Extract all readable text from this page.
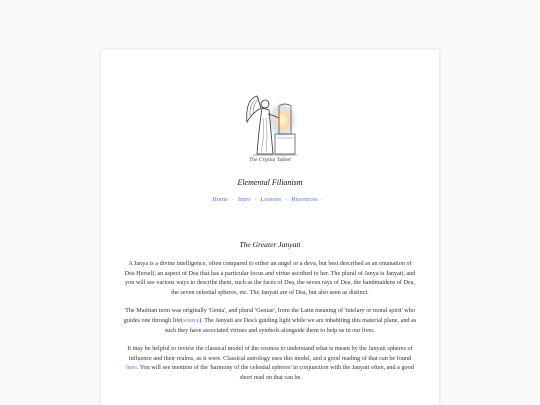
The Crystal Tablet
Elemental Filianism
Home · Intro · Lessons · Resources ·
The Greater Janyati

A Janya is a divine intelligence, often compared to either an angel or a deva, but best described as an emanation of Dea Herself, an aspect of Dea that has a particular focus and virtue ascribed to her. The plural of Janya is Janyati, and you will see various ways to describe them, such as the faces of Dea, the seven rays of Dea, the handmaidens of Dea, the seven celestial spheres, etc. The Janyati are of Dea, but also seen as distinct.

The Madrian term was originally 'Genia', and plural 'Geniae', from the Latin meaning of 'tutelary or moral spirit' who guides one through life(source). The Janyati are Dea's guiding light while we are inhabiting this material plane, and as such they have associated virtues and symbols alongside them to help us in our lives.

It may be helpful to review the classical model of the cosmos to understand what is meant by the Janyati spheres of influence and their realms, as it were. Classical astrology uses this model, and a good reading of that can be found here. You will see mention of the 'harmony of the celestial spheres' in conjunction with the Janyati often, and a good short read on that can be
